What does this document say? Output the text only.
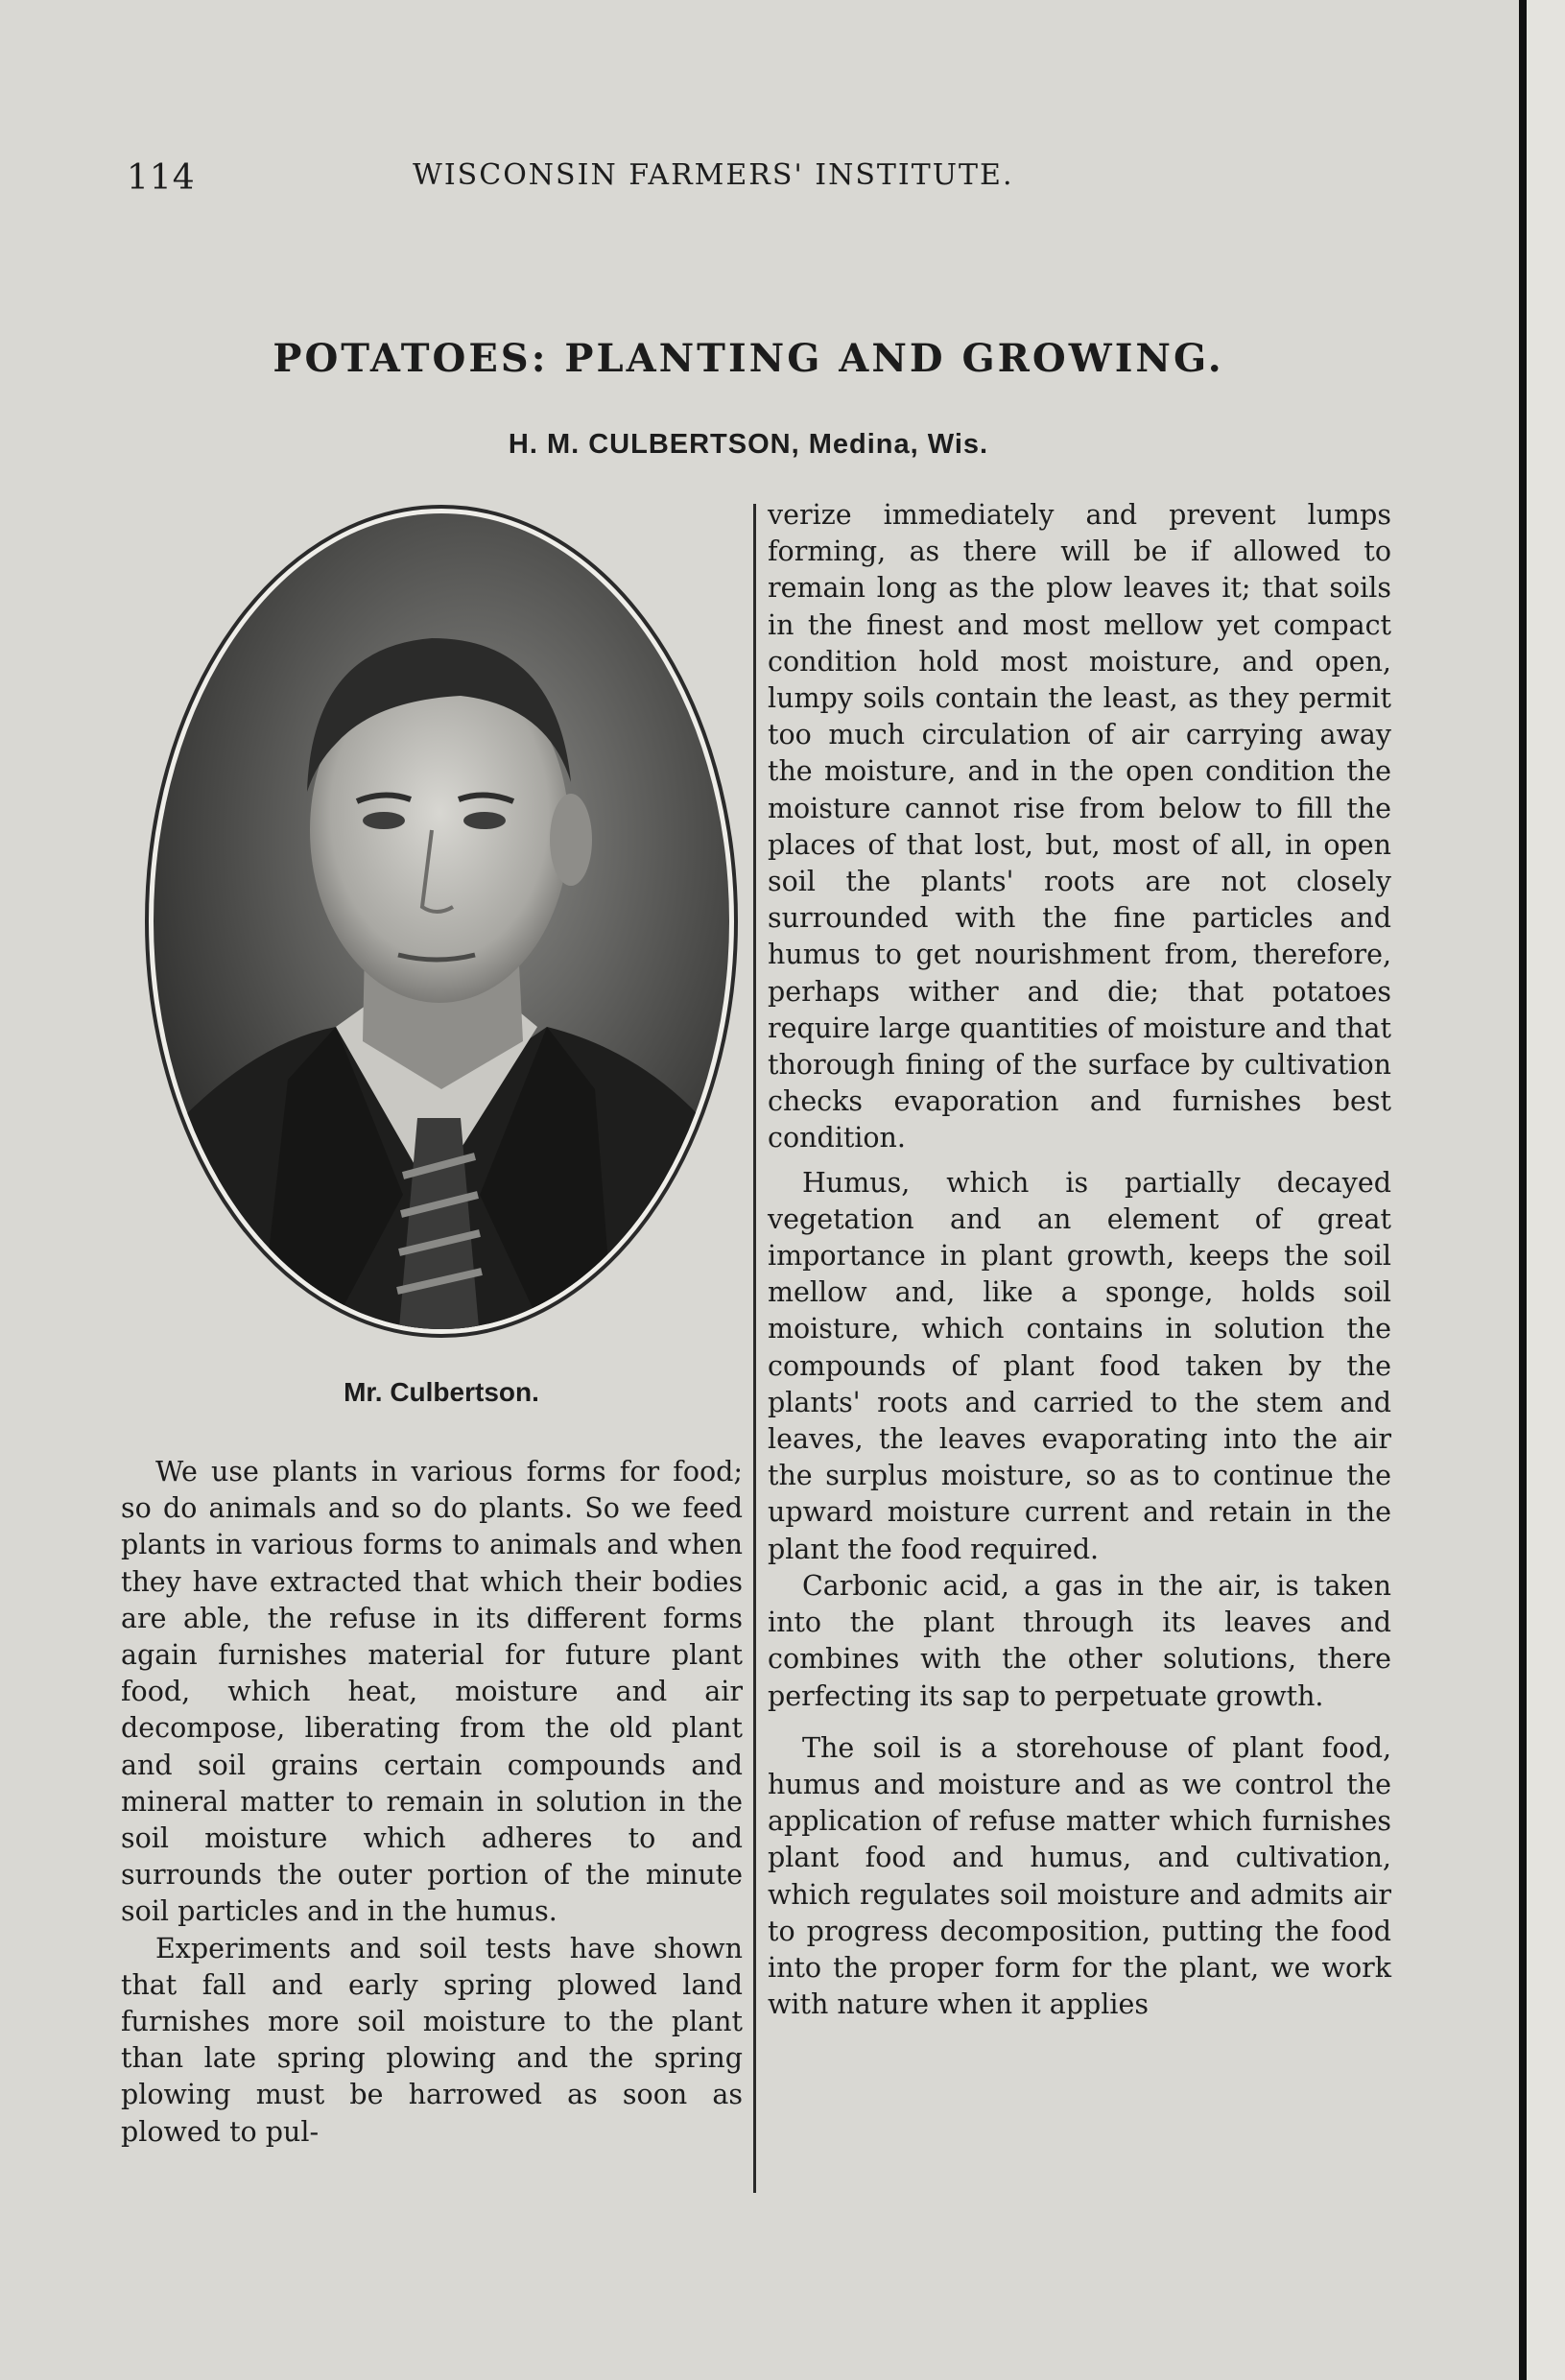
114	WISCONSIN FARMERS' INSTITUTE.
POTATOES: PLANTING AND GROWING.
H. M. CULBERTSON, Medina, Wis.
Mr. Culbertson.

We use plants in various forms for food; so do animals and so do plants. So we feed plants in various forms to animals and when they have extracted that which their bodies are able, the refuse in its different forms again furnishes material for future plant food, which heat, moisture and air decompose, liberating from the old plant and soil grains certain compounds and mineral matter to remain in solution in the soil moisture which adheres to and surrounds the outer portion of the minute soil particles and in the humus.

Experiments and soil tests have shown that fall and early spring plowed land furnishes more soil moisture to the plant than late spring plowing and the spring plowing must be harrowed as soon as plowed to pul-

verize immediately and prevent lumps forming, as there will be if allowed to remain long as the plow leaves it; that soils in the finest and most mellow yet compact condition hold most moisture, and open, lumpy soils contain the least, as they permit too much circulation of air carrying away the moisture, and in the open condition the moisture cannot rise from below to fill the places of that lost, but, most of all, in open soil the plants' roots are not closely surrounded with the fine particles and humus to get nourishment from, therefore, perhaps wither and die; that potatoes require large quantities of moisture and that thorough fining of the surface by cultivation checks evaporation and furnishes best condition.

Humus, which is partially decayed vegetation and an element of great importance in plant growth, keeps the soil mellow and, like a sponge, holds soil moisture, which contains in solution the compounds of plant food taken by the plants' roots and carried to the stem and leaves, the leaves evaporating into the air the surplus moisture, so as to continue the upward moisture current and retain in the plant the food required.

Carbonic acid, a gas in the air, is taken into the plant through its leaves and combines with the other solutions, there perfecting its sap to perpetuate growth.

The soil is a storehouse of plant food, humus and moisture and as we control the application of refuse matter which furnishes plant food and humus, and cultivation, which regulates soil moisture and admits air to progress decomposition, putting the food into the proper form for the plant, we work with nature when it applies
